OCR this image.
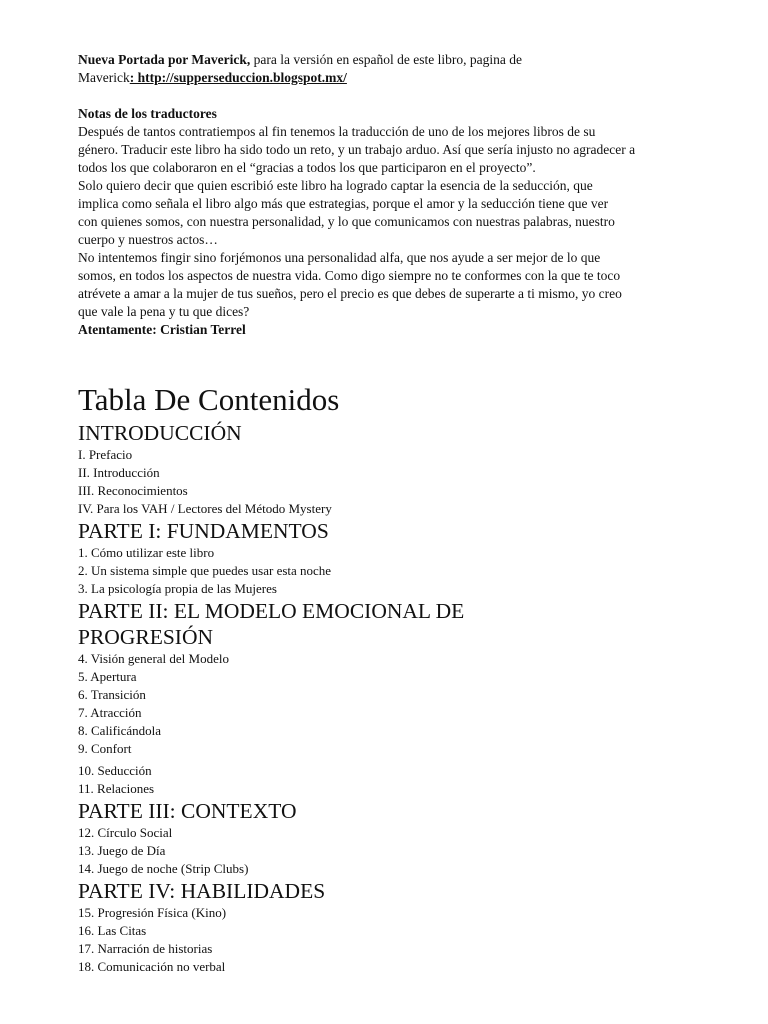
Nueva Portada por Maverick, para la versión en español de este libro, pagina de

Maverick: http://supperseduccion.blogspot.mx/

Notas de los traductores

Después de tantos contratiempos al fin tenemos la traducción de uno de los mejores libros de su

género. Traducir este libro ha sido todo un reto, y un trabajo arduo. Así que sería injusto no agradecer a

todos los que colaboraron en el “gracias a todos los que participaron en el proyecto”.

Solo quiero decir que quien escribió este libro ha logrado captar la esencia de la seducción, que

implica como señala el libro algo más que estrategias, porque el amor y la seducción tiene que ver

con quienes somos, con nuestra personalidad, y lo que comunicamos con nuestras palabras, nuestro

cuerpo y nuestros actos…

No intentemos fingir sino forjémonos una personalidad alfa, que nos ayude a ser mejor de lo que

somos, en todos los aspectos de nuestra vida. Como digo siempre no te conformes con la que te toco

atrévete a amar a la mujer de tus sueños, pero el precio es que debes de superarte a ti mismo, yo creo

que vale la pena y tu que dices?

Atentamente: Cristian Terrel

Tabla De Contenidos
INTRODUCCIÓN

I. Prefacio

II. Introducción

III. Reconocimientos

IV. Para los VAH / Lectores del Método Mystery

PARTE I: FUNDAMENTOS

1. Cómo utilizar este libro

2. Un sistema simple que puedes usar esta noche

3. La psicología propia de las Mujeres

PARTE II: EL MODELO EMOCIONAL DE
PROGRESIÓN

4. Visión general del Modelo

5. Apertura

6. Transición

7. Atracción

8. Calificándola

9. Confort

10. Seducción

11. Relaciones

PARTE III: CONTEXTO

12. Círculo Social

13. Juego de Día

14. Juego de noche (Strip Clubs)

PARTE IV: HABILIDADES

15. Progresión Física (Kino)

16. Las Citas

17. Narración de historias

18. Comunicación no verbal
